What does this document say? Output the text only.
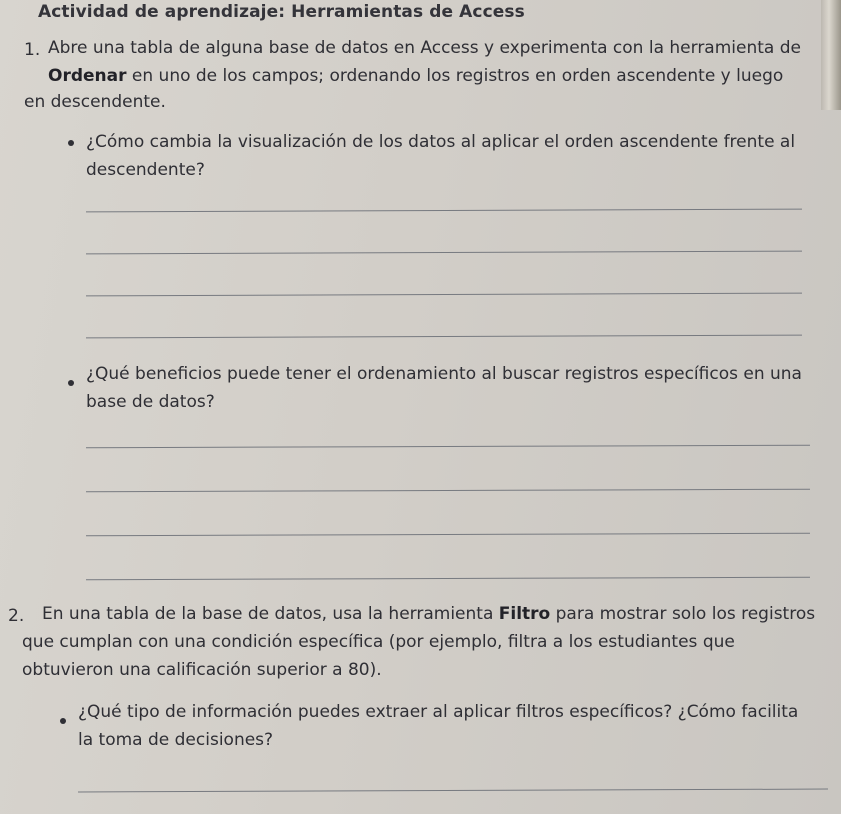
Actividad de aprendizaje: Herramientas de Access
1. Abre una tabla de alguna base de datos en Access y experimenta con la herramienta de
Ordenar en uno de los campos; ordenando los registros en orden ascendente y luego
en descendente.
¿Cómo cambia la visualización de los datos al aplicar el orden ascendente frente al
descendente?
¿Qué beneficios puede tener el ordenamiento al buscar registros específicos en una
base de datos?
2. En una tabla de la base de datos, usa la herramienta Filtro para mostrar solo los registros
que cumplan con una condición específica (por ejemplo, filtra a los estudiantes que
obtuvieron una calificación superior a 80).
¿Qué tipo de información puedes extraer al aplicar filtros específicos? ¿Cómo facilita
la toma de decisiones?
